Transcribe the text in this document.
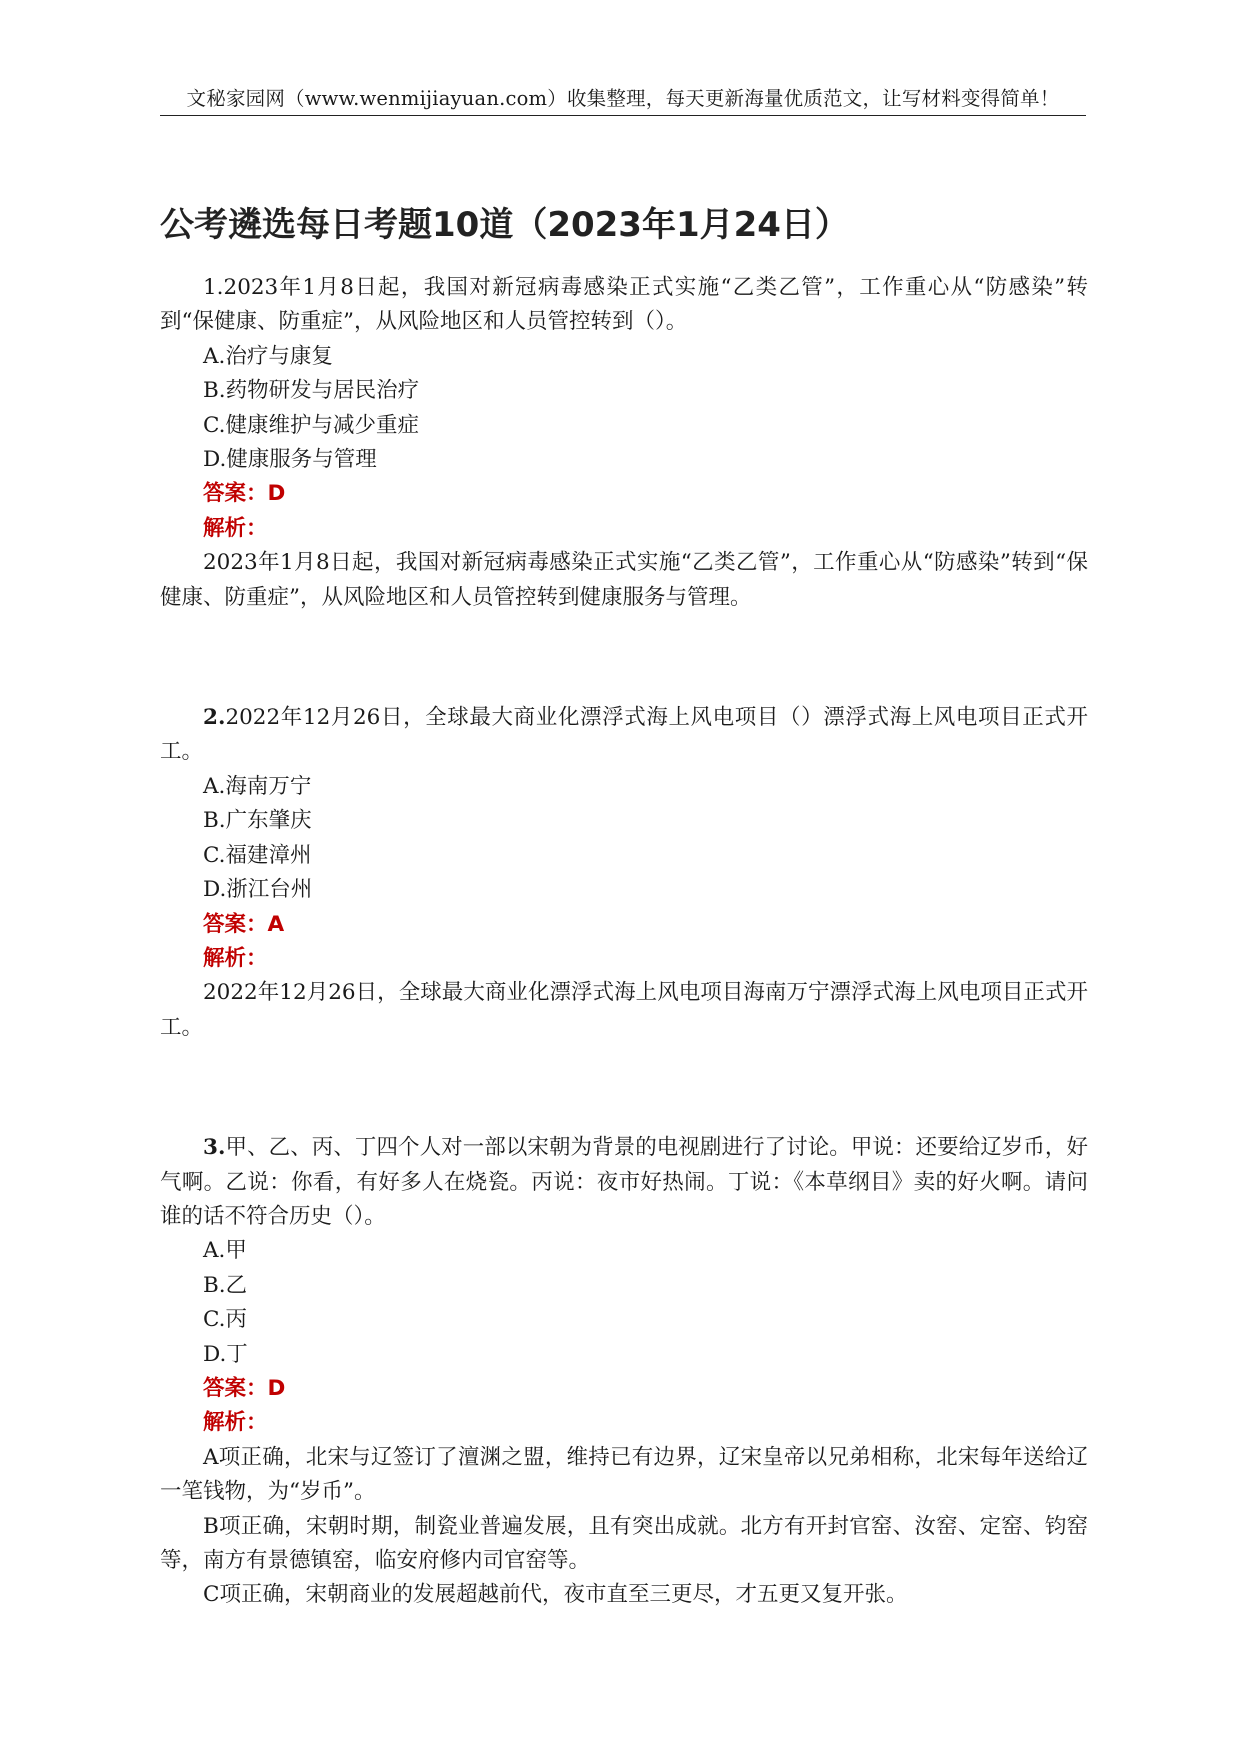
文秘家园网（www.wenmijiayuan.com）收集整理，每天更新海量优质范文，让写材料变得简单！
公考遴选每日考题10道（2023年1月24日）

1.2023年1月8日起，我国对新冠病毒感染正式实施“乙类乙管”，工作重心从“防感染”转到“保健康、防重症”，从风险地区和人员管控转到（）。

A.治疗与康复
B.药物研发与居民治疗
C.健康维护与减少重症
D.健康服务与管理

答案：D

解析：

2023年1月8日起，我国对新冠病毒感染正式实施“乙类乙管”，工作重心从“防感染”转到“保健康、防重症”，从风险地区和人员管控转到健康服务与管理。

2.2022年12月26日，全球最大商业化漂浮式海上风电项目（）漂浮式海上风电项目正式开工。

A.海南万宁
B.广东肇庆
C.福建漳州
D.浙江台州

答案：A

解析：

2022年12月26日，全球最大商业化漂浮式海上风电项目海南万宁漂浮式海上风电项目正式开工。

3.甲、乙、丙、丁四个人对一部以宋朝为背景的电视剧进行了讨论。甲说：还要给辽岁币，好气啊。乙说：你看，有好多人在烧瓷。丙说：夜市好热闹。丁说：《本草纲目》卖的好火啊。请问谁的话不符合历史（）。

A.甲
B.乙
C.丙
D.丁

答案：D

解析：

A项正确，北宋与辽签订了澶渊之盟，维持已有边界，辽宋皇帝以兄弟相称，北宋每年送给辽一笔钱物，为“岁币”。

B项正确，宋朝时期，制瓷业普遍发展，且有突出成就。北方有开封官窑、汝窑、定窑、钧窑等，南方有景德镇窑，临安府修内司官窑等。

C项正确，宋朝商业的发展超越前代，夜市直至三更尽，才五更又复开张。
